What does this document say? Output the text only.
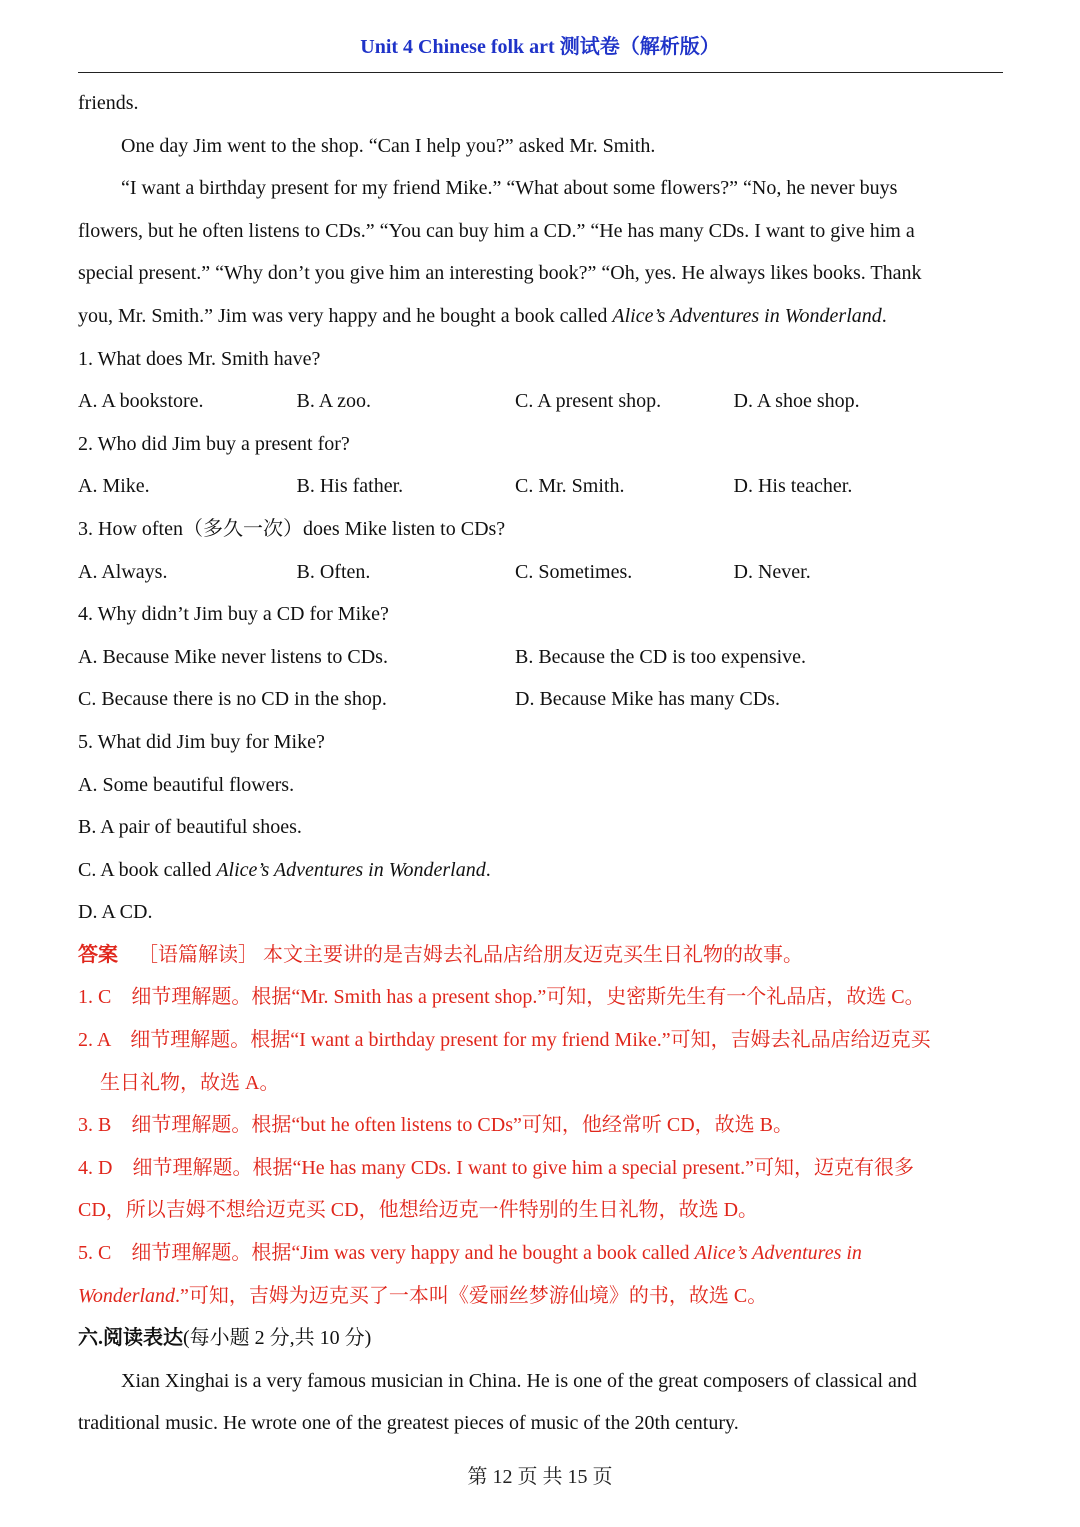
Unit 4 Chinese folk art 测试卷（解析版）
friends.
One day Jim went to the shop. “Can I help you?” asked Mr. Smith.
“I want a birthday present for my friend Mike.” “What about some flowers?” “No, he never buys
flowers, but he often listens to CDs.” “You can buy him a CD.” “He has many CDs. I want to give him a
special present.” “Why don’t you give him an interesting book?” “Oh, yes. He always likes books. Thank
you, Mr. Smith.” Jim was very happy and he bought a book called Alice’s Adventures in Wonderland.
1. What does Mr. Smith have?
A. A bookstore.	B. A zoo.	C. A present shop.	D. A shoe shop.
2. Who did Jim buy a present for?
A. Mike.	B. His father.	C. Mr. Smith.	D. His teacher.
3. How often（多久一次）does Mike listen to CDs?
A. Always.	B. Often.	C. Sometimes.	D. Never.
4. Why didn’t Jim buy a CD for Mike?
A. Because Mike never listens to CDs.	B. Because the CD is too expensive.
C. Because there is no CD in the shop.	D. Because Mike has many CDs.
5. What did Jim buy for Mike?
A. Some beautiful flowers.
B. A pair of beautiful shoes.
C. A book called Alice’s Adventures in Wonderland.
D. A CD.
答案 ［语篇解读］ 本文主要讲的是吉姆去礼品店给朋友迈克买生日礼物的故事。
1. C　细节理解题。根据“Mr. Smith has a present shop.”可知，史密斯先生有一个礼品店，故选 C。
2. A　细节理解题。根据“I want a birthday present for my friend Mike.”可知，吉姆去礼品店给迈克买
生日礼物，故选 A。
3. B　细节理解题。根据“but he often listens to CDs”可知，他经常听 CD，故选 B。
4. D　细节理解题。根据“He has many CDs. I want to give him a special present.”可知，迈克有很多
CD，所以吉姆不想给迈克买 CD，他想给迈克一件特别的生日礼物，故选 D。
5. C　细节理解题。根据“Jim was very happy and he bought a book called Alice’s Adventures in
Wonderland.”可知，吉姆为迈克买了一本叫《爱丽丝梦游仙境》的书，故选 C。
六.阅读表达(每小题 2 分,共 10 分)
Xian Xinghai is a very famous musician in China. He is one of the great composers of classical and
traditional music. He wrote one of the greatest pieces of music of the 20th century.
第 12 页 共 15 页
